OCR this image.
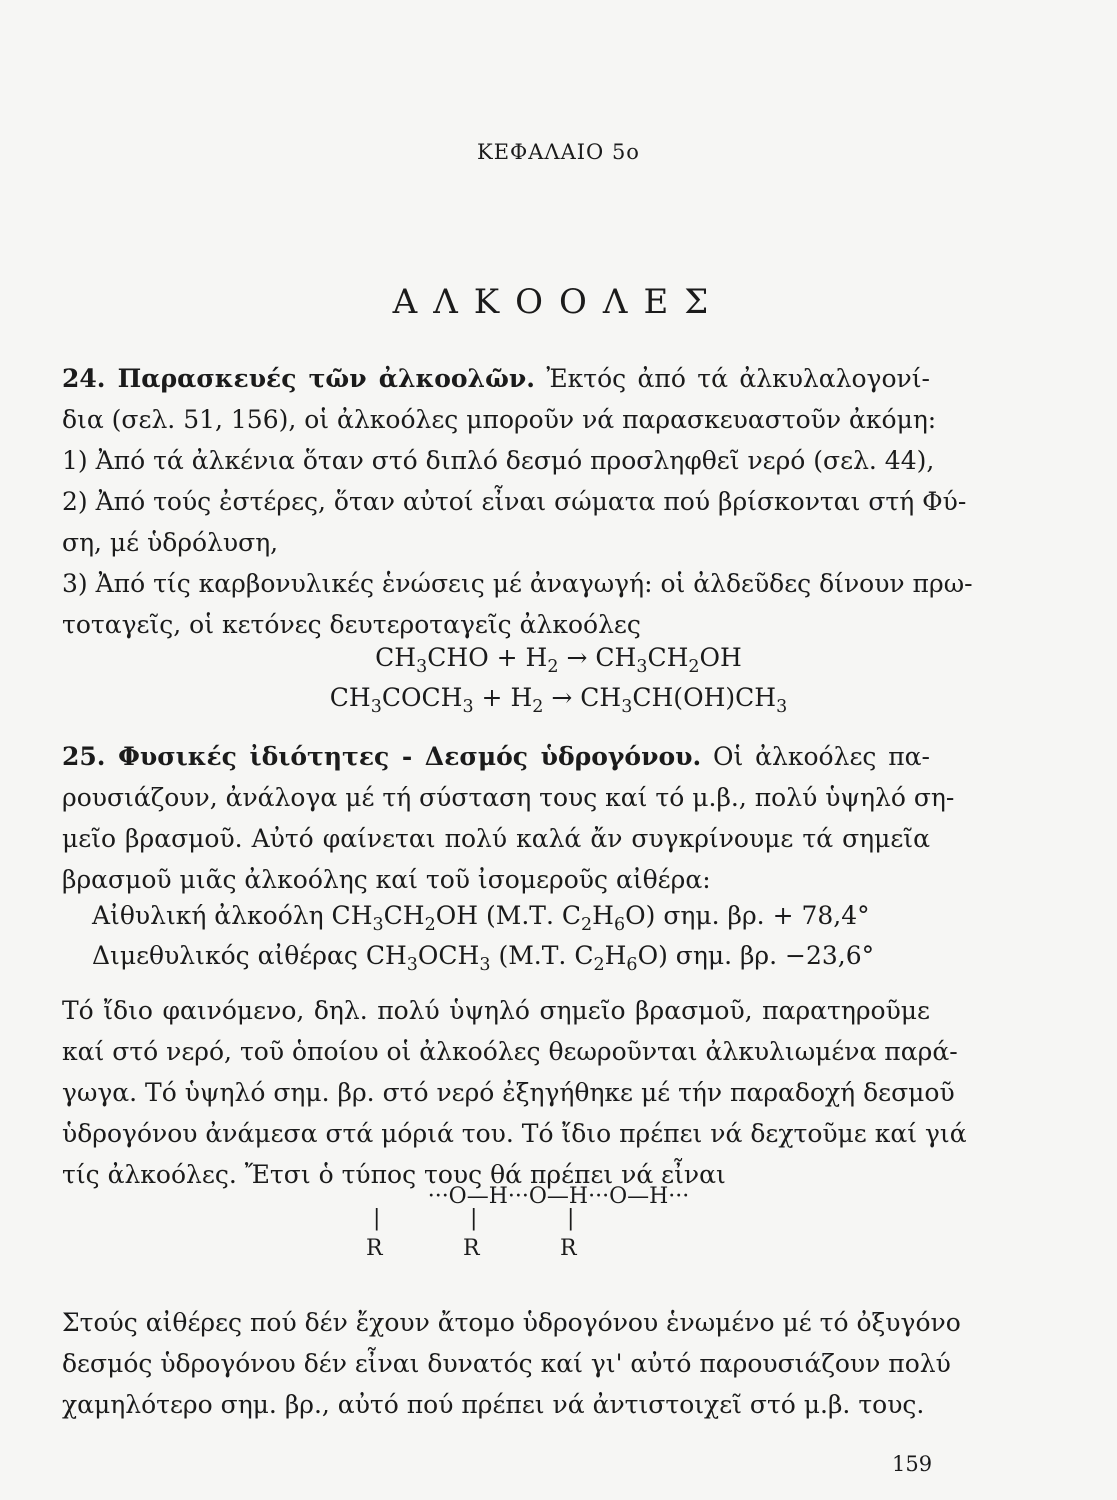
ΚΕΦΑΛΑΙΟ 5ο
ΑΛΚΟΟΛΕΣ
24. Παρασκευές τῶν ἀλκοολῶν. Ἐκτός ἀπό τά ἀλκυλαλογονί-
δια (σελ. 51, 156), οἱ ἀλκοόλες μποροῦν νά παρασκευαστοῦν ἀκόμη:
1) Ἀπό τά ἀλκένια ὅταν στό διπλό δεσμό προσληφθεῖ νερό (σελ. 44),
2) Ἀπό τούς ἐστέρες, ὅταν αὐτοί εἶναι σώματα πού βρίσκονται στή Φύ-
ση, μέ ὑδρόλυση,
3) Ἀπό τίς καρβονυλικές ἑνώσεις μέ ἀναγωγή: οἱ ἀλδεῦδες δίνουν πρω-
τοταγεῖς, οἱ κετόνες δευτεροταγεῖς ἀλκοόλες
$CH_3CHO + H_2 \to CH_3CH_2OH$
$CH_3COCH_3 + H_2 \to CH_3CH(OH)CH_3$
25. Φυσικές ἰδιότητες - Δεσμός ὑδρογόνου. Οἱ ἀλκοόλες πα-
ρουσιάζουν, ἀνάλογα μέ τή σύσταση τους καί τό μ.β., πολύ ὑψηλό ση-
μεῖο βρασμοῦ. Αὐτό φαίνεται πολύ καλά ἄν συγκρίνουμε τά σημεῖα
βρασμοῦ μιᾶς ἀλκοόλης καί τοῦ ἰσομεροῦς αἰθέρα:
Αἰθυλική ἀλκοόλη $CH_3CH_2OH$ (Μ.Τ. $C_2H_6O$) σημ. βρ. + 78,4°
Διμεθυλικός αἰθέρας $CH_3OCH_3$ (Μ.Τ. $C_2H_6O$) σημ. βρ. −23,6°
Τό ἴδιο φαινόμενο, δηλ. πολύ ὑψηλό σημεῖο βρασμοῦ, παρατηροῦμε
καί στό νερό, τοῦ ὁποίου οἱ ἀλκοόλες θεωροῦνται ἀλκυλιωμένα παρά-
γωγα. Τό ὑψηλό σημ. βρ. στό νερό ἐξηγήθηκε μέ τήν παραδοχή δεσμοῦ
ὑδρογόνου ἀνάμεσα στά μόριά του. Τό ἴδιο πρέπει νά δεχτοῦμε καί γιά
τίς ἀλκοόλες. Ἔτσι ὁ τύπος τους θά πρέπει νά εἶναι
···O—H···O—H···O—H···
|	|	|
R	R	R
Στούς αἰθέρες πού δέν ἔχουν ἄτομο ὑδρογόνου ἑνωμένο μέ τό ὀξυγόνο
δεσμός ὑδρογόνου δέν εἶναι δυνατός καί γι' αὐτό παρουσιάζουν πολύ
χαμηλότερο σημ. βρ., αὐτό πού πρέπει νά ἀντιστοιχεῖ στό μ.β. τους.
159
